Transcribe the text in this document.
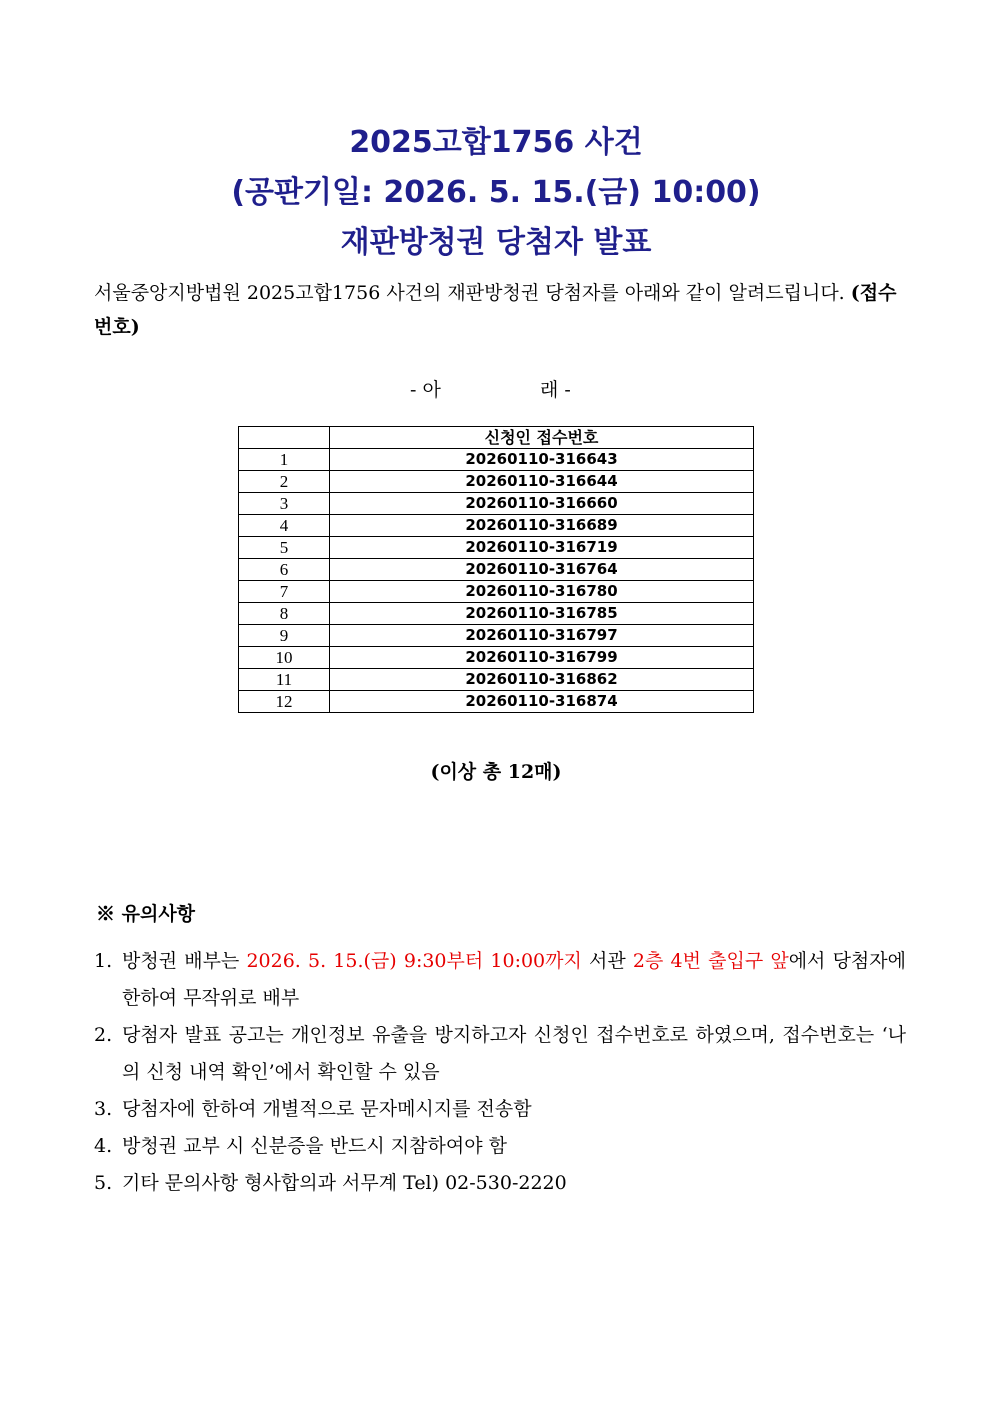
2025고합1756 사건
(공판기일: 2026. 5. 15.(금) 10:00)
재판방청권 당첨자 발표
서울중앙지방법원 2025고합1756 사건의 재판방청권 당첨자를 아래와 같이 알려드립니다. (접수번호)
- 아	래 -
	신청인 접수번호
1	20260110-316643
2	20260110-316644
3	20260110-316660
4	20260110-316689
5	20260110-316719
6	20260110-316764
7	20260110-316780
8	20260110-316785
9	20260110-316797
10	20260110-316799
11	20260110-316862
12	20260110-316874
(이상 총 12매)
※ 유의사항
1. 방청권 배부는 2026. 5. 15.(금) 9:30부터 10:00까지 서관 2층 4번 출입구 앞에서 당첨자에 한하여 무작위로 배부
2. 당첨자 발표 공고는 개인정보 유출을 방지하고자 신청인 접수번호로 하였으며, 접수번호는 ‘나의 신청 내역 확인’에서 확인할 수 있음
3. 당첨자에 한하여 개별적으로 문자메시지를 전송함
4. 방청권 교부 시 신분증을 반드시 지참하여야 함
5. 기타 문의사항 형사합의과 서무계 Tel) 02-530-2220
